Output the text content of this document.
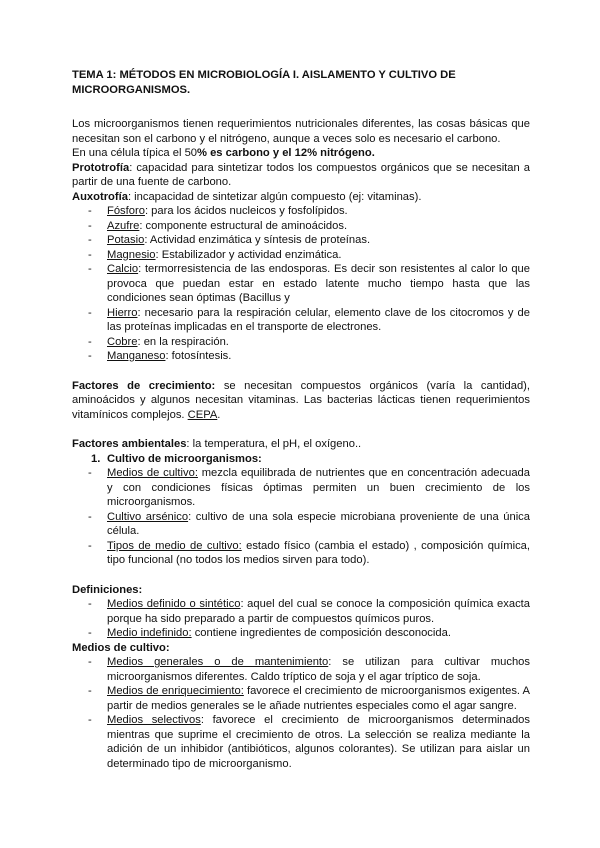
TEMA 1: MÉTODOS EN MICROBIOLOGÍA I. AISLAMENTO Y CULTIVO DE MICROORGANISMOS.

Los microorganismos tienen requerimientos nutricionales diferentes, las cosas básicas que necesitan son el carbono y el nitrógeno, aunque a veces solo es necesario el carbono.

En una célula típica el 50% es carbono y el 12% nitrógeno.

Prototrofía: capacidad para sintetizar todos los compuestos orgánicos que se necesitan a partir de una fuente de carbono.

Auxotrofía: incapacidad de sintetizar algún compuesto (ej: vitaminas).

- Fósforo: para los ácidos nucleicos y fosfolípidos.
- Azufre: componente estructural de aminoácidos.
- Potasio: Actividad enzimática y síntesis de proteínas.
- Magnesio: Estabilizador y actividad enzimática.
- Calcio: termorresistencia de las endosporas. Es decir son resistentes al calor lo que provoca que puedan estar en estado latente mucho tiempo hasta que las condiciones sean óptimas (Bacillus y
- Hierro: necesario para la respiración celular, elemento clave de los citocromos y de las proteínas implicadas en el transporte de electrones.
- Cobre: en la respiración.
- Manganeso: fotosíntesis.

Factores de crecimiento: se necesitan compuestos orgánicos (varía la cantidad), aminoácidos y algunos necesitan vitaminas. Las bacterias lácticas tienen requerimientos vitamínicos complejos. CEPA.

Factores ambientales: la temperatura, el pH, el oxígeno..

1. Cultivo de microorganismos:
- Medios de cultivo: mezcla equilibrada de nutrientes que en concentración adecuada y con condiciones físicas óptimas permiten un buen crecimiento de los microorganismos.
- Cultivo arsénico: cultivo de una sola especie microbiana proveniente de una única célula.
- Tipos de medio de cultivo: estado físico (cambia el estado) , composición química, tipo funcional (no todos los medios sirven para todo).

Definiciones:

- Medios definido o sintético: aquel del cual se conoce la composición química exacta porque ha sido preparado a partir de compuestos químicos puros.
- Medio indefinido: contiene ingredientes de composición desconocida.

Medios de cultivo:

- Medios generales o de mantenimiento: se utilizan para cultivar muchos microorganismos diferentes. Caldo tríptico de soja y el agar tríptico de soja.
- Medios de enriquecimiento: favorece el crecimiento de microorganismos exigentes. A partir de medios generales se le añade nutrientes especiales como el agar sangre.
- Medios selectivos: favorece el crecimiento de microorganismos determinados mientras que suprime el crecimiento de otros. La selección se realiza mediante la adición de un inhibidor (antibióticos, algunos colorantes). Se utilizan para aislar un determinado tipo de microorganismo.
